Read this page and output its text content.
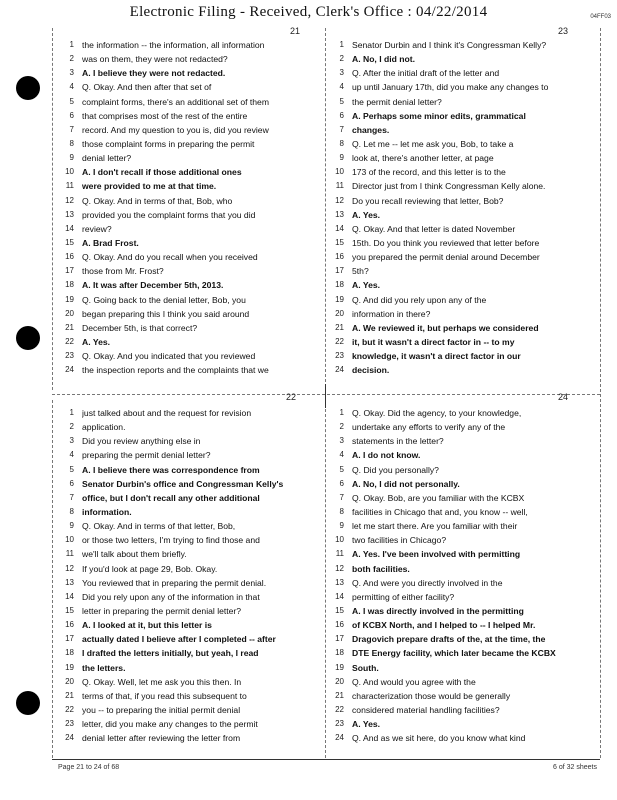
Electronic Filing - Received, Clerk's Office : 04/22/2014	04FF03
21
1 the information -- the information, all information
2 was on them, they were not redacted?
3 A. I believe they were not redacted.
4 Q. Okay. And then after that set of
5 complaint forms, there's an additional set of them
6 that comprises most of the rest of the entire
7 record. And my question to you is, did you review
8 those complaint forms in preparing the permit
9 denial letter?
10 A. I don't recall if those additional ones
11 were provided to me at that time.
12 Q. Okay. And in terms of that, Bob, who
13 provided you the complaint forms that you did
14 review?
15 A. Brad Frost.
16 Q. Okay. And do you recall when you received
17 those from Mr. Frost?
18 A. It was after December 5th, 2013.
19 Q. Going back to the denial letter, Bob, you
20 began preparing this I think you said around
21 December 5th, is that correct?
22 A. Yes.
23 Q. Okay. And you indicated that you reviewed
24 the inspection reports and the complaints that we
23
1 Senator Durbin and I think it's Congressman Kelly?
2 A. No, I did not.
3 Q. After the initial draft of the letter and
4 up until January 17th, did you make any changes to
5 the permit denial letter?
6 A. Perhaps some minor edits, grammatical
7 changes.
8 Q. Let me -- let me ask you, Bob, to take a
9 look at, there's another letter, at page
10 173 of the record, and this letter is to the
11 Director just from I think Congressman Kelly alone.
12 Do you recall reviewing that letter, Bob?
13 A. Yes.
14 Q. Okay. And that letter is dated November
15 15th. Do you think you reviewed that letter before
16 you prepared the permit denial around December
17 5th?
18 A. Yes.
19 Q. And did you rely upon any of the
20 information in there?
21 A. We reviewed it, but perhaps we considered
22 it, but it wasn't a direct factor in -- to my
23 knowledge, it wasn't a direct factor in our
24 decision.
22
1 just talked about and the request for revision
2 application.
3 Did you review anything else in
4 preparing the permit denial letter?
5 A. I believe there was correspondence from
6 Senator Durbin's office and Congressman Kelly's
7 office, but I don't recall any other additional
8 information.
9 Q. Okay. And in terms of that letter, Bob,
10 or those two letters, I'm trying to find those and
11 we'll talk about them briefly.
12 If you'd look at page 29, Bob. Okay.
13 You reviewed that in preparing the permit denial.
14 Did you rely upon any of the information in that
15 letter in preparing the permit denial letter?
16 A. I looked at it, but this letter is
17 actually dated I believe after I completed -- after
18 I drafted the letters initially, but yeah, I read
19 the letters.
20 Q. Okay. Well, let me ask you this then. In
21 terms of that, if you read this subsequent to
22 you -- to preparing the initial permit denial
23 letter, did you make any changes to the permit
24 denial letter after reviewing the letter from
24
1 Q. Okay. Did the agency, to your knowledge,
2 undertake any efforts to verify any of the
3 statements in the letter?
4 A. I do not know.
5 Q. Did you personally?
6 A. No, I did not personally.
7 Q. Okay. Bob, are you familiar with the KCBX
8 facilities in Chicago that and, you know -- well,
9 let me start there. Are you familiar with their
10 two facilities in Chicago?
11 A. Yes. I've been involved with permitting
12 both facilities.
13 Q. And were you directly involved in the
14 permitting of either facility?
15 A. I was directly involved in the permitting
16 of KCBX North, and I helped to -- I helped Mr.
17 Dragovich prepare drafts of the, at the time, the
18 DTE Energy facility, which later became the KCBX
19 South.
20 Q. And would you agree with the
21 characterization those would be generally
22 considered material handling facilities?
23 A. Yes.
24 Q. And as we sit here, do you know what kind
Page 21 to 24 of 68	6 of 32 sheets
